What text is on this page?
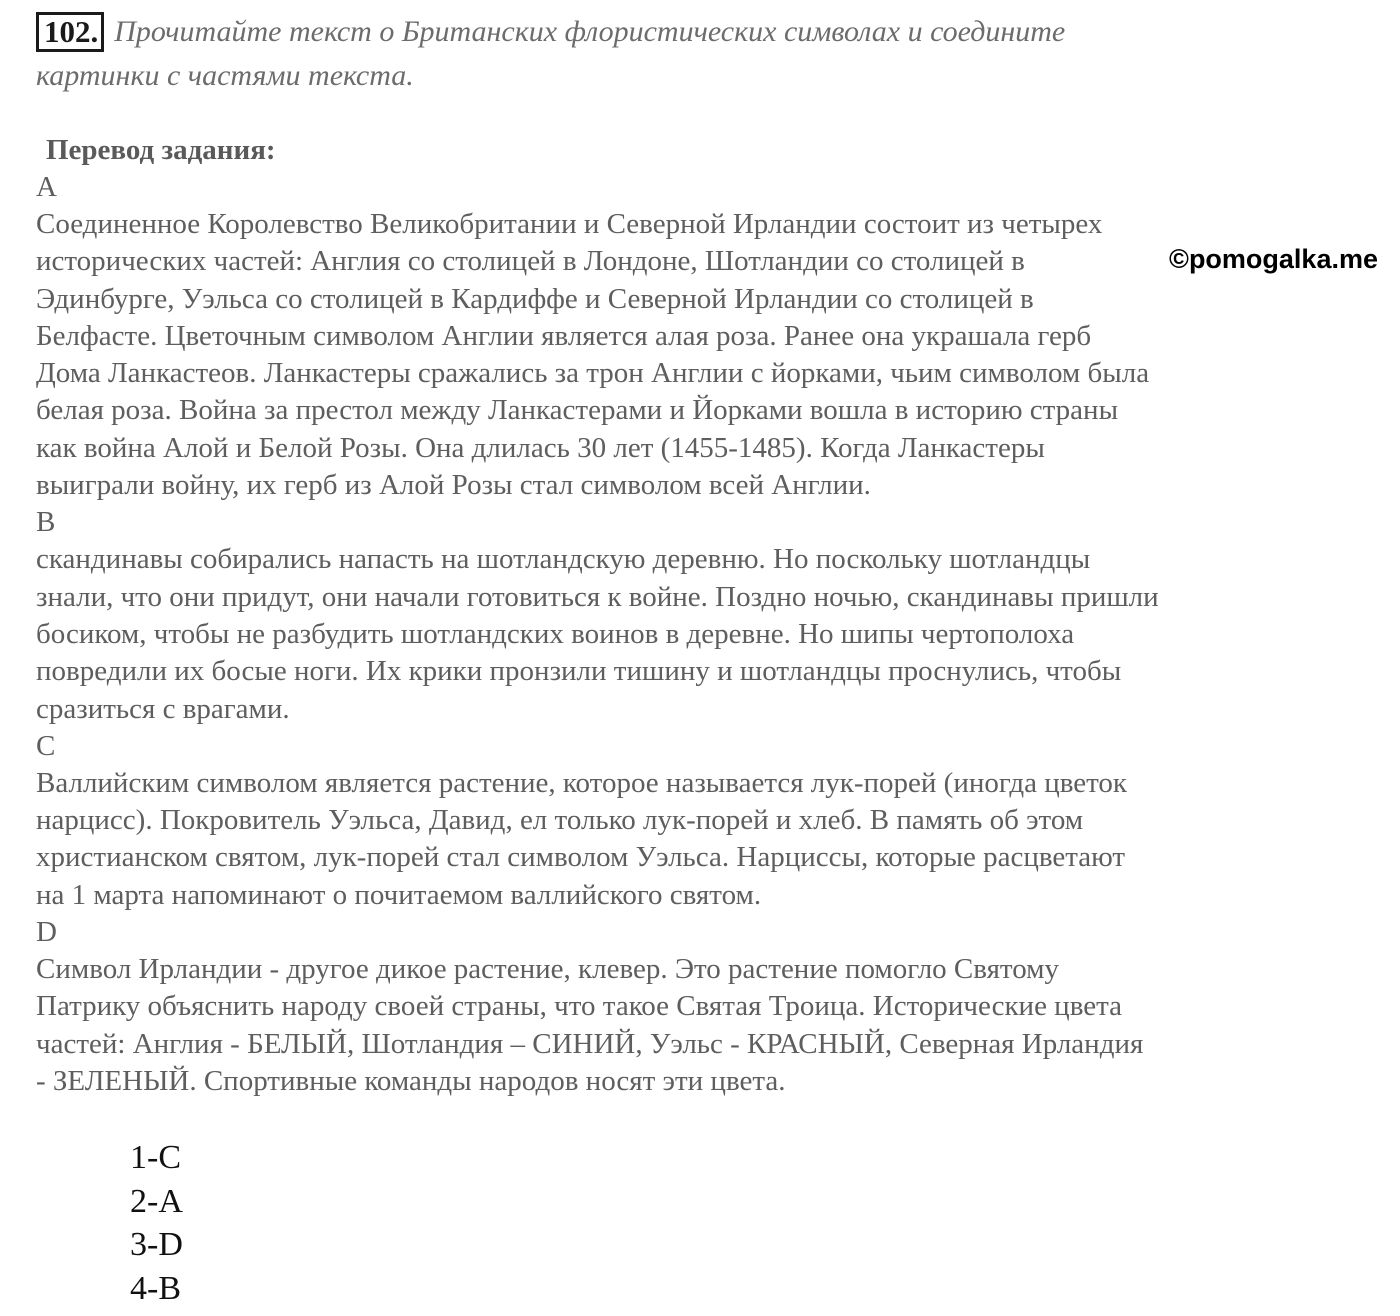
102. Прочитайте текст о Британских флористических символах и соедините
картинки с частями текста.
©pomogalka.me

Перевод задания:

A

Соединенное Королевство Великобритании и Северной Ирландии состоит из четырех

исторических частей: Англия со столицей в Лондоне, Шотландии со столицей в

Эдинбурге, Уэльса со столицей в Кардиффе и Северной Ирландии со столицей в

Белфасте. Цветочным символом Англии является алая роза. Ранее она украшала герб

Дома Ланкастеов. Ланкастеры сражались за трон Англии с йорками, чьим символом была

белая роза. Война за престол между Ланкастерами и Йорками вошла в историю страны

как война Алой и Белой Розы. Она длилась 30 лет (1455-1485). Когда Ланкастеры

выиграли войну, их герб из Алой Розы стал символом всей Англии.

B

скандинавы собирались напасть на шотландскую деревню. Но поскольку шотландцы

знали, что они придут, они начали готовиться к войне. Поздно ночью, скандинавы пришли

босиком, чтобы не разбудить шотландских воинов в деревне. Но шипы чертополоха

повредили их босые ноги. Их крики пронзили тишину и шотландцы проснулись, чтобы

сразиться с врагами.

C

Валлийским символом является растение, которое называется лук-порей (иногда цветок

нарцисс). Покровитель Уэльса, Давид, ел только лук-порей и хлеб. В память об этом

христианском святом, лук-порей стал символом Уэльса. Нарциссы, которые расцветают

на 1 марта напоминают о почитаемом валлийского святом.

D

Символ Ирландии - другое дикое растение, клевер. Это растение помогло Святому

Патрику объяснить народу своей страны, что такое Святая Троица. Исторические цвета

частей: Англия - БЕЛЫЙ, Шотландия – СИНИЙ, Уэльс - КРАСНЫЙ, Северная Ирландия

- ЗЕЛЕНЫЙ. Спортивные команды народов носят эти цвета.

1-C

2-A

3-D

4-B
